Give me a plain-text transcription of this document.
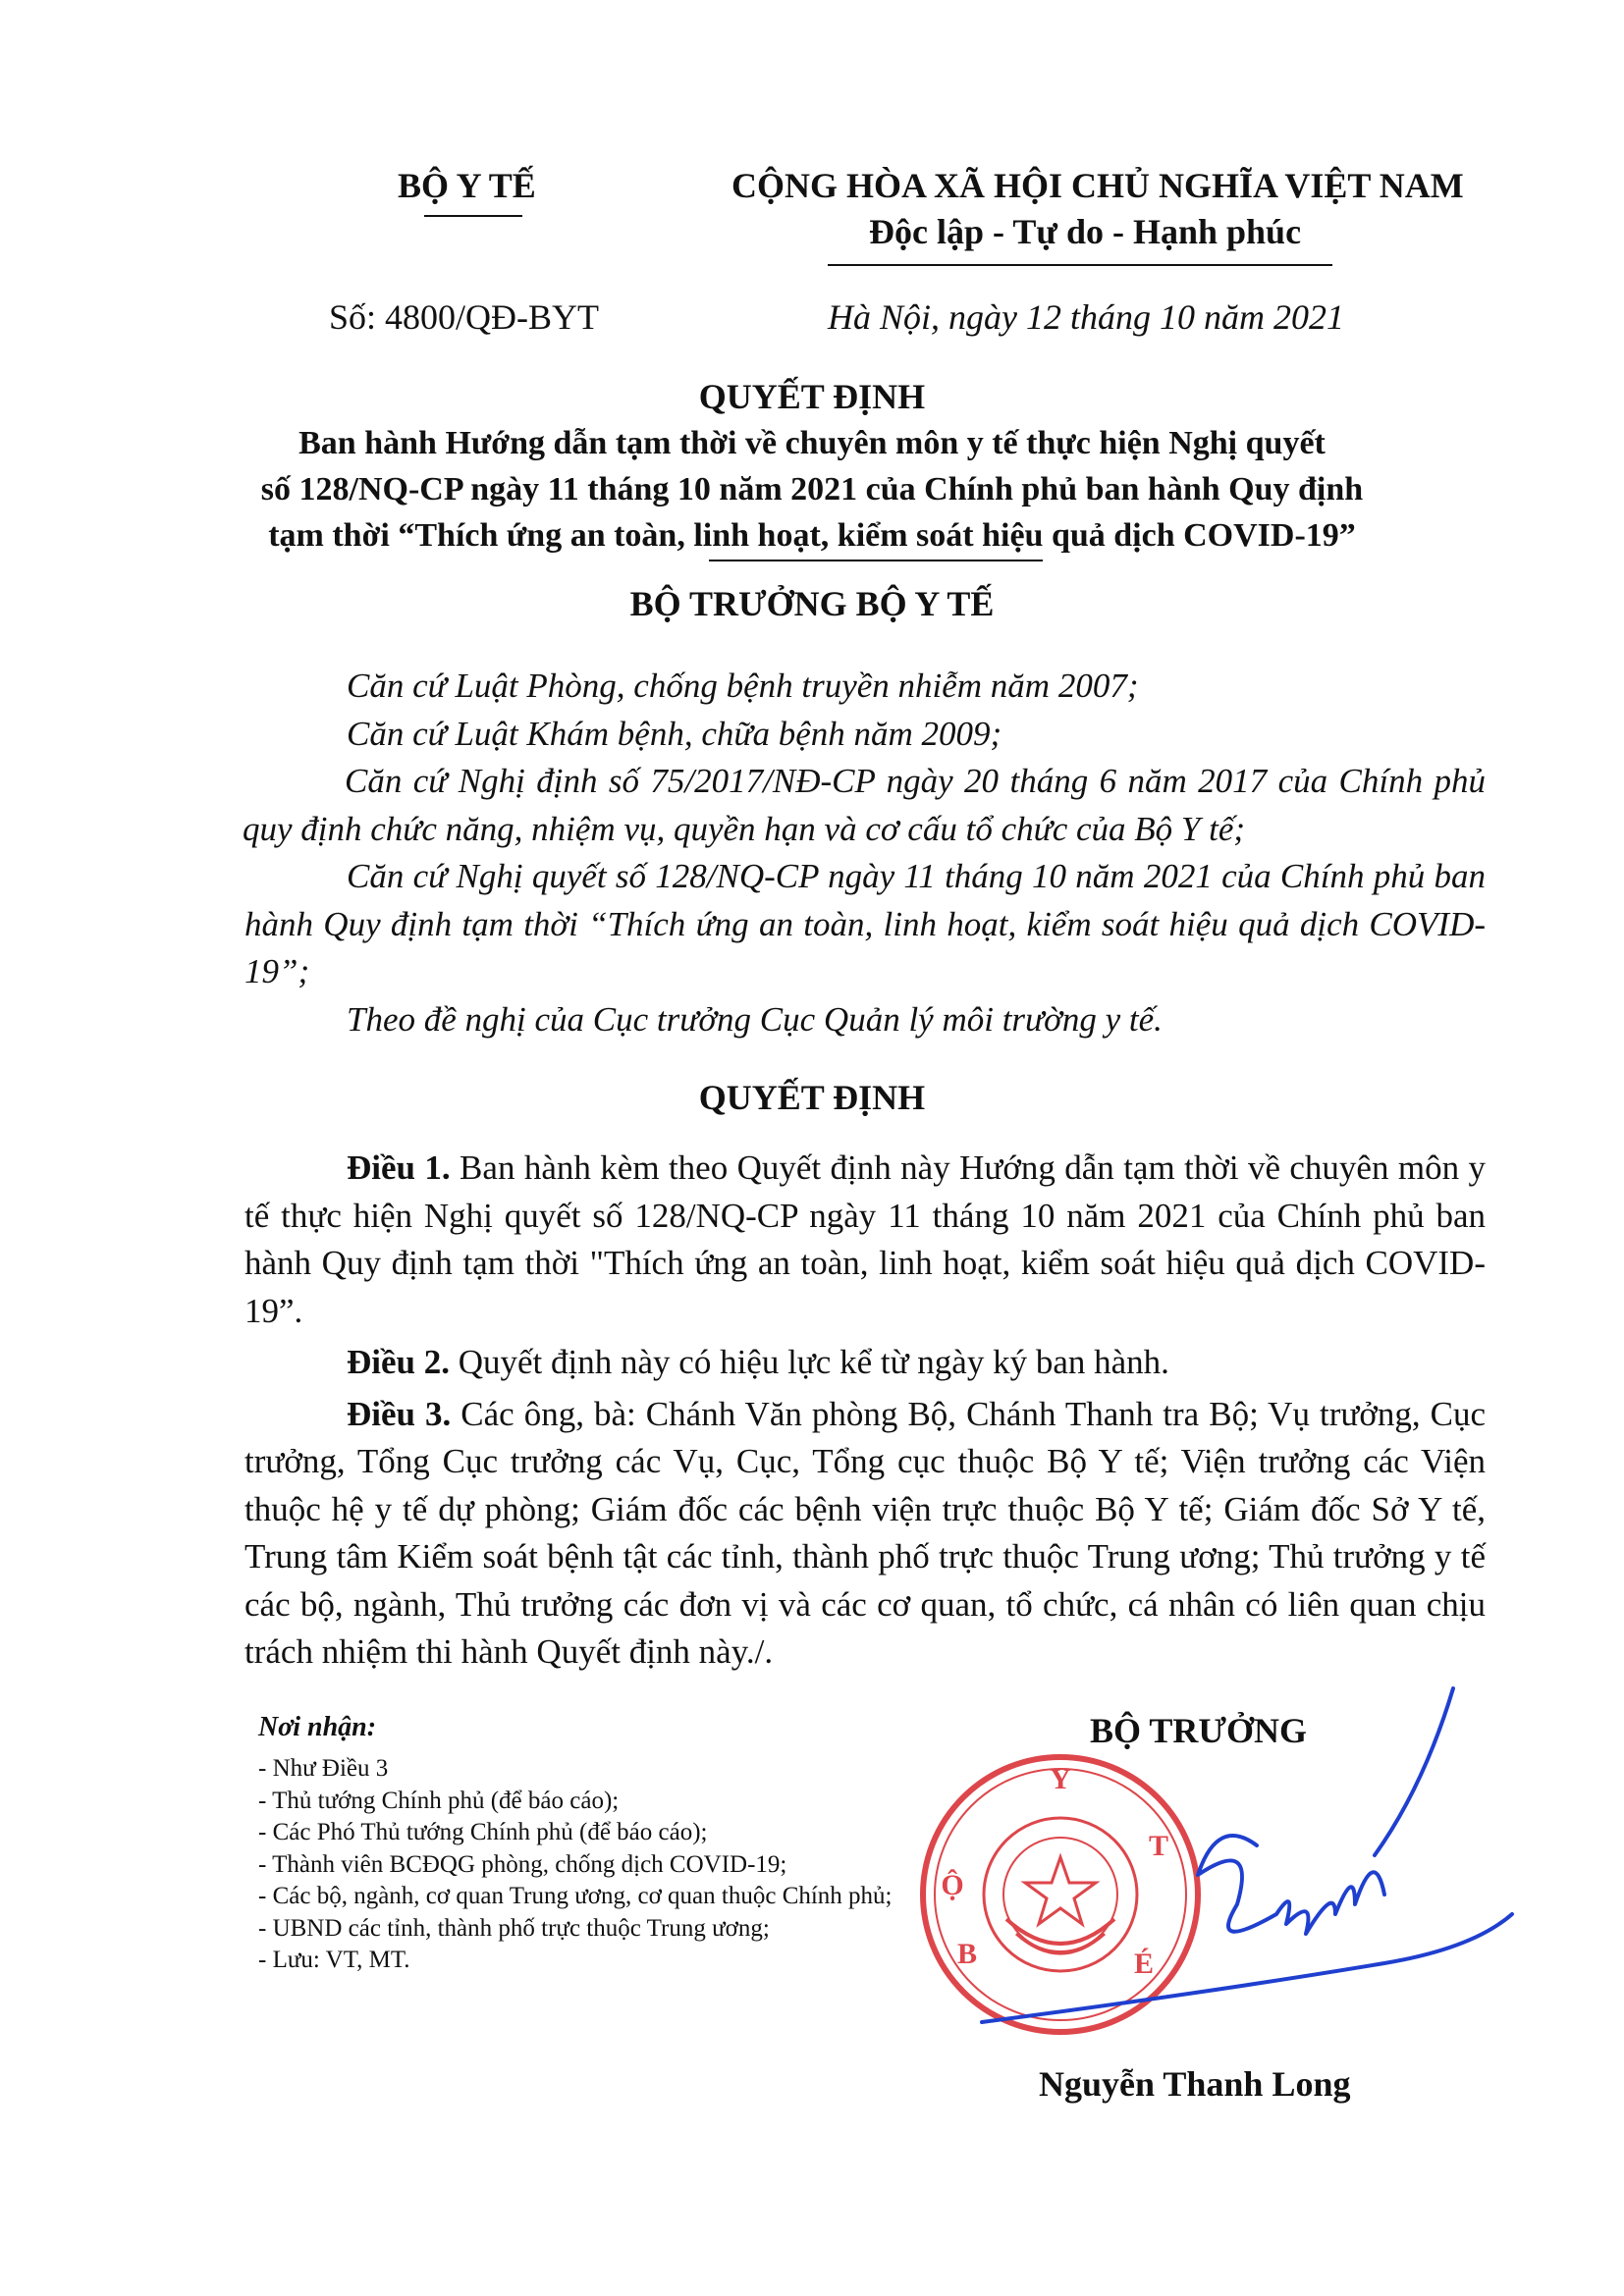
BỘ Y TẾ	CỘNG HÒA XÃ HỘI CHỦ NGHĨA VIỆT NAM
Độc lập - Tự do - Hạnh phúc
Số: 4800/QĐ-BYT	Hà Nội, ngày 12 tháng 10 năm 2021
QUYẾT ĐỊNH
Ban hành Hướng dẫn tạm thời về chuyên môn y tế thực hiện Nghị quyết
số 128/NQ-CP ngày 11 tháng 10 năm 2021 của Chính phủ ban hành Quy định
tạm thời “Thích ứng an toàn, linh hoạt, kiểm soát hiệu quả dịch COVID-19”
BỘ TRƯỞNG BỘ Y TẾ

Căn cứ Luật Phòng, chống bệnh truyền nhiễm năm 2007;

Căn cứ Luật Khám bệnh, chữa bệnh năm 2009;

Căn cứ Nghị định số 75/2017/NĐ-CP ngày 20 tháng 6 năm 2017 của Chính phủ quy định chức năng, nhiệm vụ, quyền hạn và cơ cấu tổ chức của Bộ Y tế;

Căn cứ Nghị quyết số 128/NQ-CP ngày 11 tháng 10 năm 2021 của Chính phủ ban hành Quy định tạm thời “Thích ứng an toàn, linh hoạt, kiểm soát hiệu quả dịch COVID-19”;

Theo đề nghị của Cục trưởng Cục Quản lý môi trường y tế.

QUYẾT ĐỊNH

Điều 1. Ban hành kèm theo Quyết định này Hướng dẫn tạm thời về chuyên môn y tế thực hiện Nghị quyết số 128/NQ-CP ngày 11 tháng 10 năm 2021 của Chính phủ ban hành Quy định tạm thời "Thích ứng an toàn, linh hoạt, kiểm soát hiệu quả dịch COVID-19”.

Điều 2. Quyết định này có hiệu lực kể từ ngày ký ban hành.

Điều 3. Các ông, bà: Chánh Văn phòng Bộ, Chánh Thanh tra Bộ; Vụ trưởng, Cục trưởng, Tổng Cục trưởng các Vụ, Cục, Tổng cục thuộc Bộ Y tế; Viện trưởng các Viện thuộc hệ y tế dự phòng; Giám đốc các bệnh viện trực thuộc Bộ Y tế; Giám đốc Sở Y tế, Trung tâm Kiểm soát bệnh tật các tỉnh, thành phố trực thuộc Trung ương; Thủ trưởng y tế các bộ, ngành, Thủ trưởng các đơn vị và các cơ quan, tổ chức, cá nhân có liên quan chịu trách nhiệm thi hành Quyết định này./.

Nơi nhận:
- Như Điều 3
- Thủ tướng Chính phủ (để báo cáo);
- Các Phó Thủ tướng Chính phủ (để báo cáo);
- Thành viên BCĐQG phòng, chống dịch COVID-19;
- Các bộ, ngành, cơ quan Trung ương, cơ quan thuộc Chính phủ;
- UBND các tỉnh, thành phố trực thuộc Trung ương;
- Lưu: VT, MT.
BỘ TRƯỞNG
Y
Ộ
B
T
É
Nguyễn Thanh Long
